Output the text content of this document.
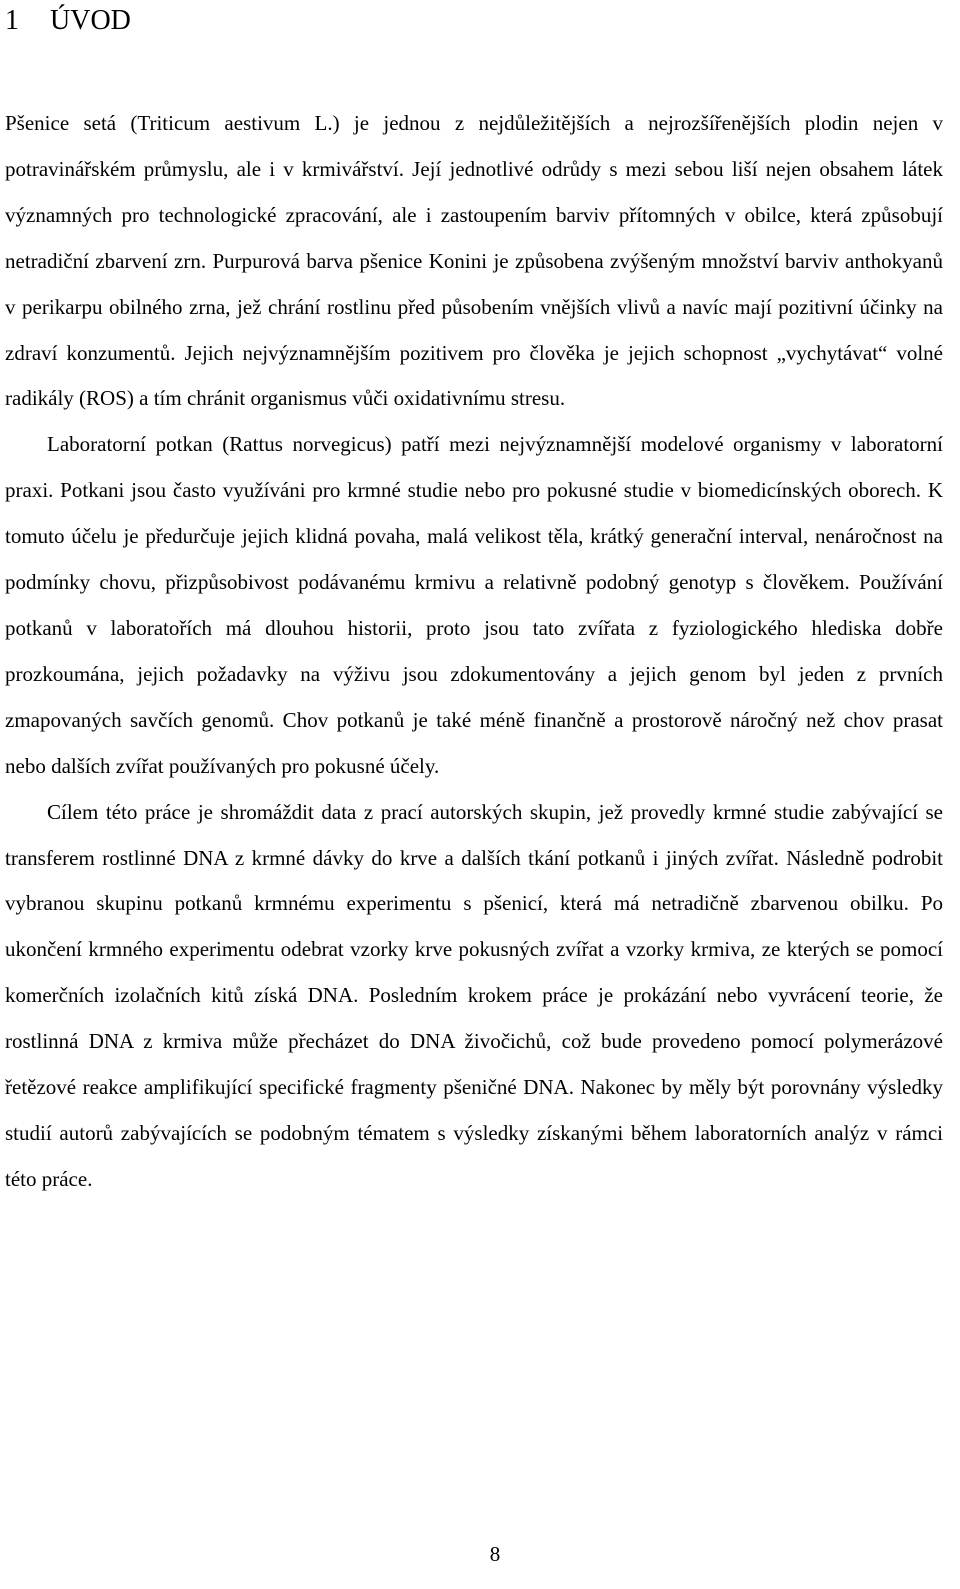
1 ÚVOD

Pšenice setá (Triticum aestivum L.) je jednou z nejdůležitějších a nejrozšířenějších plodin nejen v potravinářském průmyslu, ale i v krmivářství. Její jednotlivé odrůdy s mezi sebou liší nejen obsahem látek významných pro technologické zpracování, ale i zastoupením barviv přítomných v obilce, která způsobují netradiční zbarvení zrn. Purpurová barva pšenice Konini je způsobena zvýšeným množství barviv anthokyanů v perikarpu obilného zrna, jež chrání rostlinu před působením vnějších vlivů a navíc mají pozitivní účinky na zdraví konzumentů. Jejich nejvýznamnějším pozitivem pro člověka je jejich schopnost „vychytávat“ volné radikály (ROS) a tím chránit organismus vůči oxidativnímu stresu.

Laboratorní potkan (Rattus norvegicus) patří mezi nejvýznamnější modelové organismy v laboratorní praxi. Potkani jsou často využíváni pro krmné studie nebo pro pokusné studie v biomedicínských oborech. K tomuto účelu je předurčuje jejich klidná povaha, malá velikost těla, krátký generační interval, nenáročnost na podmínky chovu, přizpůsobivost podávanému krmivu a relativně podobný genotyp s člověkem. Používání potkanů v laboratořích má dlouhou historii, proto jsou tato zvířata z fyziologického hlediska dobře prozkoumána, jejich požadavky na výživu jsou zdokumentovány a jejich genom byl jeden z prvních zmapovaných savčích genomů. Chov potkanů je také méně finančně a prostorově náročný než chov prasat nebo dalších zvířat používaných pro pokusné účely.

Cílem této práce je shromáždit data z prací autorských skupin, jež provedly krmné studie zabývající se transferem rostlinné DNA z krmné dávky do krve a dalších tkání potkanů i jiných zvířat. Následně podrobit vybranou skupinu potkanů krmnému experimentu s pšenicí, která má netradičně zbarvenou obilku. Po ukončení krmného experimentu odebrat vzorky krve pokusných zvířat a vzorky krmiva, ze kterých se pomocí komerčních izolačních kitů získá DNA. Posledním krokem práce je prokázání nebo vyvrácení teorie, že rostlinná DNA z krmiva může přecházet do DNA živočichů, což bude provedeno pomocí polymerázové řetězové reakce amplifikující specifické fragmenty pšeničné DNA. Nakonec by měly být porovnány výsledky studií autorů zabývajících se podobným tématem s výsledky získanými během laboratorních analýz v rámci této práce.

8
